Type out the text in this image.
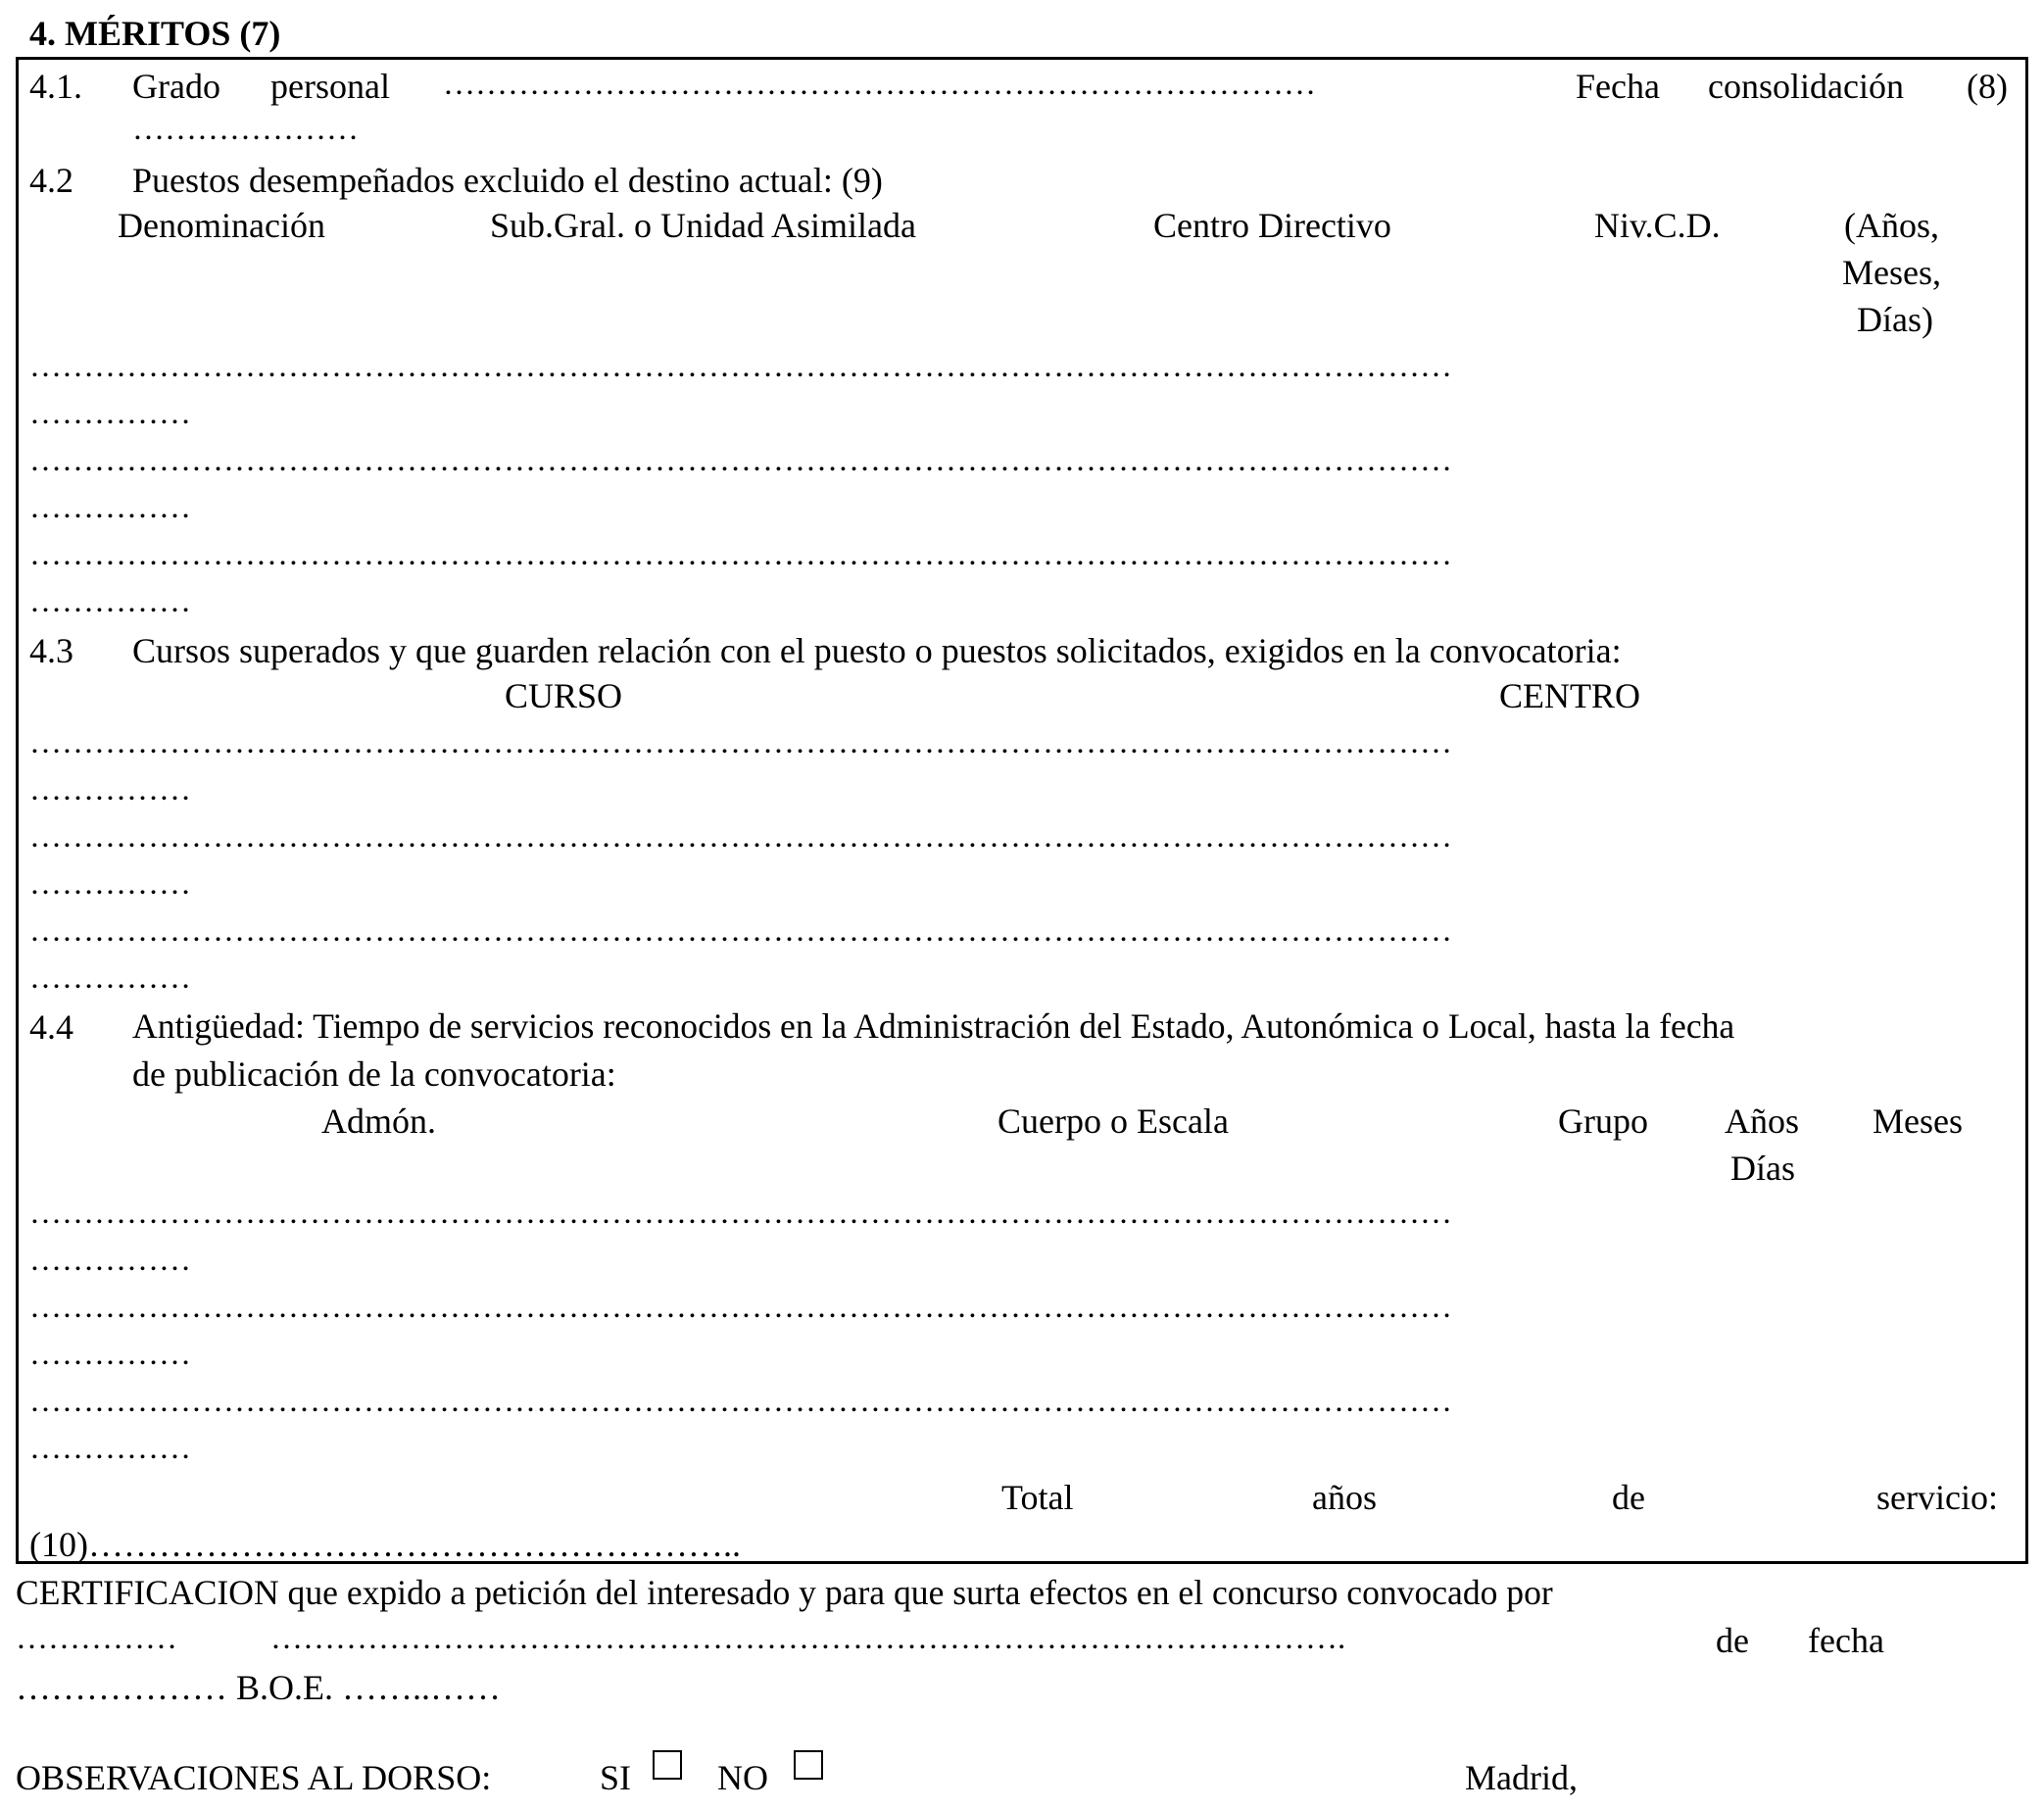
4. MÉRITOS (7)
4.1. Grado personal ………………………………………………………………………	Fecha consolidación (8)
…………………
4.2 Puestos desempeñados excluido el destino actual: (9)
Denominación	Sub.Gral. o Unidad Asimilada	Centro Directivo	Niv.C.D.	(Años,
Meses,
Días)
……………………………………………………………………………………………………………………
……………
……………………………………………………………………………………………………………………
……………
……………………………………………………………………………………………………………………
……………
4.3 Cursos superados y que guarden relación con el puesto o puestos solicitados, exigidos en la convocatoria:
CURSO	CENTRO
……………………………………………………………………………………………………………………
……………
……………………………………………………………………………………………………………………
……………
……………………………………………………………………………………………………………………
……………
4.4 Antigüedad: Tiempo de servicios reconocidos en la Administración del Estado, Autonómica o Local, hasta la fecha
de publicación de la convocatoria:
Admón.	Cuerpo o Escala	Grupo Años Meses
Días
……………………………………………………………………………………………………………………
……………
……………………………………………………………………………………………………………………
……………
……………………………………………………………………………………………………………………
……………
Total	años	de	servicio:
(10)………………………………………………..
CERTIFICACION que expido a petición del interesado y para que surta efectos en el concurso convocado por
……………	……………………………………………………………………………………….	de fecha
……………… B.O.E. ……..……
OBSERVACIONES AL DORSO:	SI NO	Madrid,
